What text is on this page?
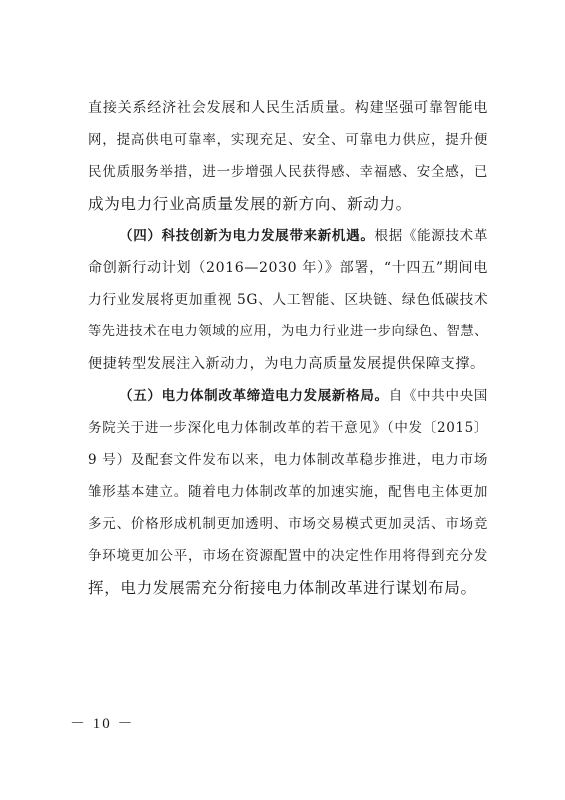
直接关系经济社会发展和人民生活质量。构建坚强可靠智能电
网，提高供电可靠率，实现充足、安全、可靠电力供应，提升便
民优质服务举措，进一步增强人民获得感、幸福感、安全感，已
成为电力行业高质量发展的新方向、新动力。
（四）科技创新为电力发展带来新机遇。根据《能源技术革
命创新行动计划（2016—2030 年）》部署，“十四五”期间电
力行业发展将更加重视 5G、人工智能、区块链、绿色低碳技术
等先进技术在电力领域的应用，为电力行业进一步向绿色、智慧、
便捷转型发展注入新动力，为电力高质量发展提供保障支撑。
（五）电力体制改革缔造电力发展新格局。自《中共中央国
务院关于进一步深化电力体制改革的若干意见》（中发〔2015〕
9 号）及配套文件发布以来，电力体制改革稳步推进，电力市场
雏形基本建立。随着电力体制改革的加速实施，配售电主体更加
多元、价格形成机制更加透明、市场交易模式更加灵活、市场竞
争环境更加公平，市场在资源配置中的决定性作用将得到充分发
挥，电力发展需充分衔接电力体制改革进行谋划布局。
－ 10 －
